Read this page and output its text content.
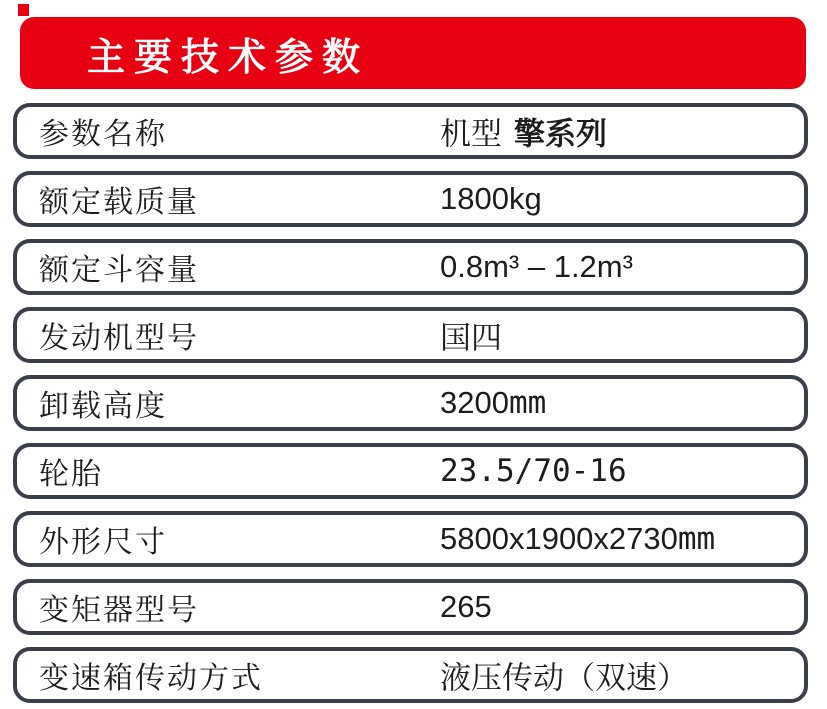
主要技术参数
参数名称	机型 擎系列
额定载质量	1800kg
额定斗容量	0.8m³ – 1.2m³
发动机型号	国四
卸载高度	3200mm
轮胎	23.5/70-16
外形尺寸	5800x1900x2730mm
变矩器型号	265
变速箱传动方式	液压传动（双速）
